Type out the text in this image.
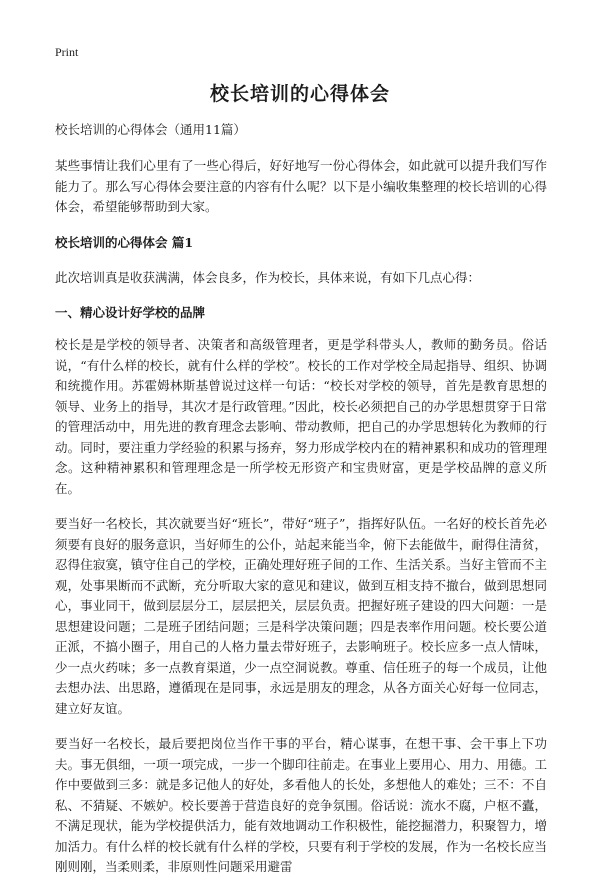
Print
校长培训的心得体会
校长培训的心得体会（通用11篇）

某些事情让我们心里有了一些心得后，好好地写一份心得体会，如此就可以提升我们写作能力了。那么写心得体会要注意的内容有什么呢？以下是小编收集整理的校长培训的心得体会，希望能够帮助到大家。

校长培训的心得体会 篇1

此次培训真是收获满满，体会良多，作为校长，具体来说，有如下几点心得：

一、精心设计好学校的品牌

校长是是学校的领导者、决策者和高级管理者，更是学科带头人，教师的勤务员。俗话说，“有什么样的校长，就有什么样的学校”。校长的工作对学校全局起指导、组织、协调和统揽作用。苏霍姆林斯基曾说过这样一句话：“校长对学校的领导，首先是教育思想的领导、业务上的指导，其次才是行政管理。”因此，校长必须把自己的办学思想贯穿于日常的管理活动中，用先进的教育理念去影响、带动教师，把自己的办学思想转化为教师的行动。同时，要注重力学经验的积累与扬弃，努力形成学校内在的精神累积和成功的管理理念。这种精神累积和管理理念是一所学校无形资产和宝贵财富，更是学校品牌的意义所在。

要当好一名校长，其次就要当好“班长”，带好“班子”，指挥好队伍。一名好的校长首先必须要有良好的服务意识，当好师生的公仆，站起来能当伞，俯下去能做牛，耐得住清贫，忍得住寂寞，镇守住自己的学校，正确处理好班子间的工作、生活关系。当好主管而不主观，处事果断而不武断，充分听取大家的意见和建议，做到互相支持不撤台，做到思想同心，事业同干，做到层层分工，层层把关，层层负责。把握好班子建设的四大问题：一是思想建设问题；二是班子团结问题；三是科学决策问题；四是表率作用问题。校长要公道正派，不搞小圈子，用自己的人格力量去带好班子，去影响班子。校长应多一点人情味，少一点火药味；多一点教育渠道，少一点空洞说教。尊重、信任班子的每一个成员，让他去想办法、出思路，遵循现在是同事，永远是朋友的理念，从各方面关心好每一位同志，建立好友谊。

要当好一名校长，最后要把岗位当作干事的平台，精心谋事，在想干事、会干事上下功夫。事无俱细，一项一项完成，一步一个脚印往前走。在事业上要用心、用力、用德。工作中要做到三多：就是多记他人的好处，多看他人的长处，多想他人的难处；三不：不自私、不猜疑、不嫉妒。校长要善于营造良好的竞争氛围。俗话说：流水不腐，户枢不蠹，不满足现状，能为学校提供活力，能有效地调动工作积极性，能挖掘潜力，积聚智力，增加活力。有什么样的校长就有什么样的学校，只要有利于学校的发展，作为一名校长应当刚则刚，当柔则柔，非原则性问题采用避雷
